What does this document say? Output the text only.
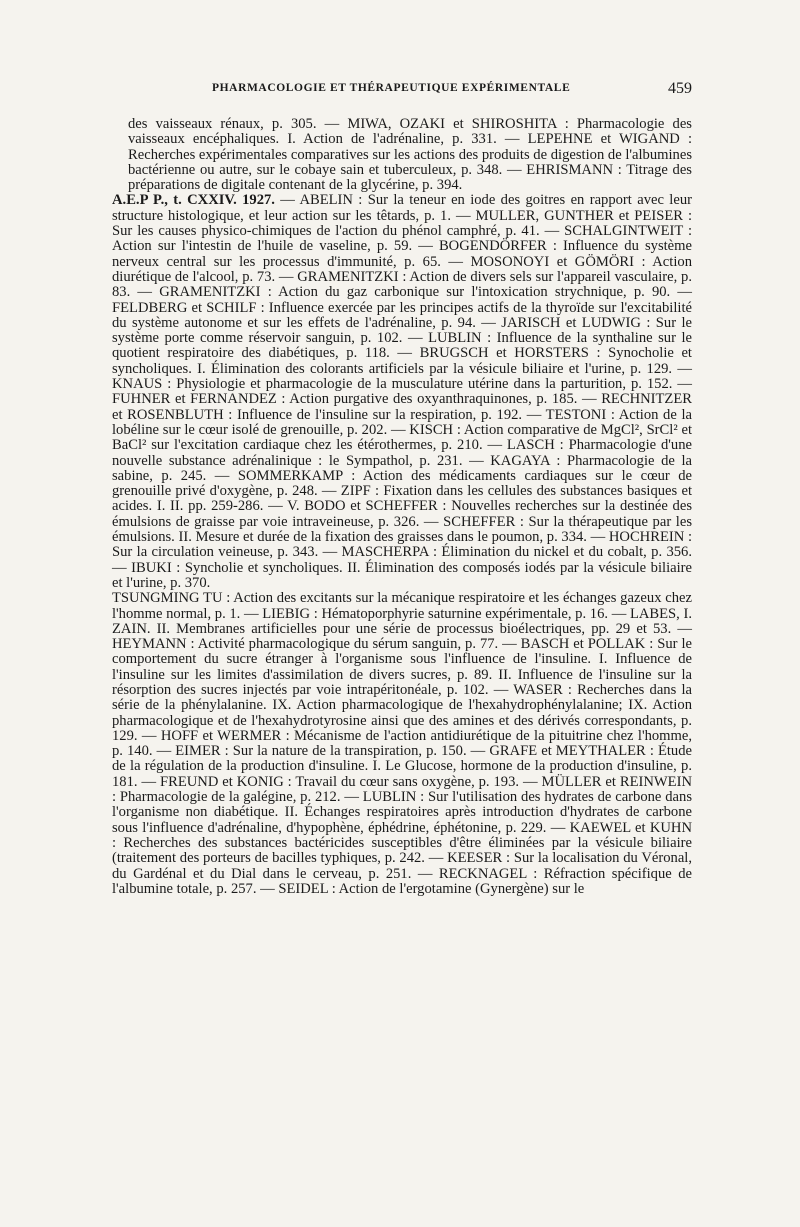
PHARMACOLOGIE ET THÉRAPEUTIQUE EXPÉRIMENTALE	459

des vaisseaux rénaux, p. 305. — MIWA, OZAKI et SHIROSHITA : Pharmacologie des vaisseaux encéphaliques. I. Action de l'adrénaline, p. 331. — LEPEHNE et WIGAND : Recherches expérimentales comparatives sur les actions des produits de digestion de l'albumines bactérienne ou autre, sur le cobaye sain et tuberculeux, p. 348. — EHRISMANN : Titrage des préparations de digitale contenant de la glycérine, p. 394.

A.E.P P., t. CXXIV. 1927. — ABELIN : Sur la teneur en iode des goitres en rapport avec leur structure histologique, et leur action sur les têtards, p. 1. — MULLER, GUNTHER et PEISER : Sur les causes physico-chimiques de l'action du phénol camphré, p. 41. — SCHALGINTWEIT : Action sur l'intestin de l'huile de vaseline, p. 59. — BOGENDÖRFER : Influence du système nerveux central sur les processus d'immunité, p. 65. — MOSONOYI et GÖMÖRI : Action diurétique de l'alcool, p. 73. — GRAMENITZKI : Action de divers sels sur l'appareil vasculaire, p. 83. — GRAMENITZKI : Action du gaz carbonique sur l'intoxication strychnique, p. 90. — FELDBERG et SCHILF : Influence exercée par les principes actifs de la thyroïde sur l'excitabilité du système autonome et sur les effets de l'adrénaline, p. 94. — JARISCH et LUDWIG : Sur le système porte comme réservoir sanguin, p. 102. — LUBLIN : Influence de la synthaline sur le quotient respiratoire des diabétiques, p. 118. — BRUGSCH et HORSTERS : Synocholie et syncholiques. I. Élimination des colorants artificiels par la vésicule biliaire et l'urine, p. 129. — KNAUS : Physiologie et pharmacologie de la musculature utérine dans la parturition, p. 152. — FUHNER et FERNANDEZ : Action purgative des oxyanthraquinones, p. 185. — RECHNITZER et ROSENBLUTH : Influence de l'insuline sur la respiration, p. 192. — TESTONI : Action de la lobéline sur le cœur isolé de grenouille, p. 202. — KISCH : Action comparative de MgCl², SrCl² et BaCl² sur l'excitation cardiaque chez les étérothermes, p. 210. — LASCH : Pharmacologie d'une nouvelle substance adrénalinique : le Sympathol, p. 231. — KAGAYA : Pharmacologie de la sabine, p. 245. — SOMMERKAMP : Action des médicaments cardiaques sur le cœur de grenouille privé d'oxygène, p. 248. — ZIPF : Fixation dans les cellules des substances basiques et acides. I. II. pp. 259-286. — V. BODO et SCHEFFER : Nouvelles recherches sur la destinée des émulsions de graisse par voie intraveineuse, p. 326. — SCHEFFER : Sur la thérapeutique par les émulsions. II. Mesure et durée de la fixation des graisses dans le poumon, p. 334. — HOCHREIN : Sur la circulation veineuse, p. 343. — MASCHERPA : Élimination du nickel et du cobalt, p. 356. — IBUKI : Syncholie et syncholiques. II. Élimination des composés iodés par la vésicule biliaire et l'urine, p. 370.

TSUNGMING TU : Action des excitants sur la mécanique respiratoire et les échanges gazeux chez l'homme normal, p. 1. — LIEBIG : Hématoporphyrie saturnine expérimentale, p. 16. — LABES, I. ZAIN. II. Membranes artificielles pour une série de processus bioélectriques, pp. 29 et 53. — HEYMANN : Activité pharmacologique du sérum sanguin, p. 77. — BASCH et POLLAK : Sur le comportement du sucre étranger à l'organisme sous l'influence de l'insuline. I. Influence de l'insuline sur les limites d'assimilation de divers sucres, p. 89. II. Influence de l'insuline sur la résorption des sucres injectés par voie intrapéritonéale, p. 102. — WASER : Recherches dans la série de la phénylalanine. IX. Action pharmacologique de l'hexahydrophénylalanine; IX. Action pharmacologique et de l'hexahydrotyrosine ainsi que des amines et des dérivés correspondants, p. 129. — HOFF et WERMER : Mécanisme de l'action antidiurétique de la pituitrine chez l'homme, p. 140. — EIMER : Sur la nature de la transpiration, p. 150. — GRAFE et MEYTHALER : Étude de la régulation de la production d'insuline. I. Le Glucose, hormone de la production d'insuline, p. 181. — FREUND et KONIG : Travail du cœur sans oxygène, p. 193. — MÜLLER et REINWEIN : Pharmacologie de la galégine, p. 212. — LUBLIN : Sur l'utilisation des hydrates de carbone dans l'organisme non diabétique. II. Échanges respiratoires après introduction d'hydrates de carbone sous l'influence d'adrénaline, d'hypophène, éphédrine, éphétonine, p. 229. — KAEWEL et KUHN : Recherches des substances bactéricides susceptibles d'être éliminées par la vésicule biliaire (traitement des porteurs de bacilles typhiques, p. 242. — KEESER : Sur la localisation du Véronal, du Gardénal et du Dial dans le cerveau, p. 251. — RECKNAGEL : Réfraction spécifique de l'albumine totale, p. 257. — SEIDEL : Action de l'ergotamine (Gynergène) sur le
